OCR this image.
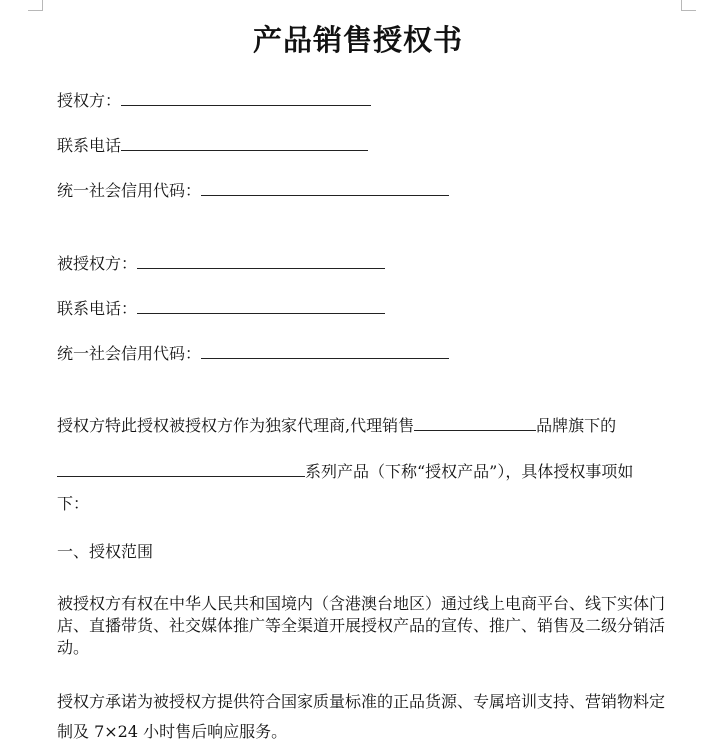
产品销售授权书
授权方：
联系电话
统一社会信用代码：
被授权方：
联系电话：
统一社会信用代码：
授权方特此授权被授权方作为独家代理商,代理销售	品牌旗下的
系列产品（下称“授权产品”），具体授权事项如
下：
一、授权范围
被授权方有权在中华人民共和国境内（含港澳台地区）通过线上电商平台、线下实体门店、直播带货、社交媒体推广等全渠道开展授权产品的宣传、推广、销售及二级分销活动。
授权方承诺为被授权方提供符合国家质量标准的正品货源、专属培训支持、营销物料定制及 7×24 小时售后响应服务。
